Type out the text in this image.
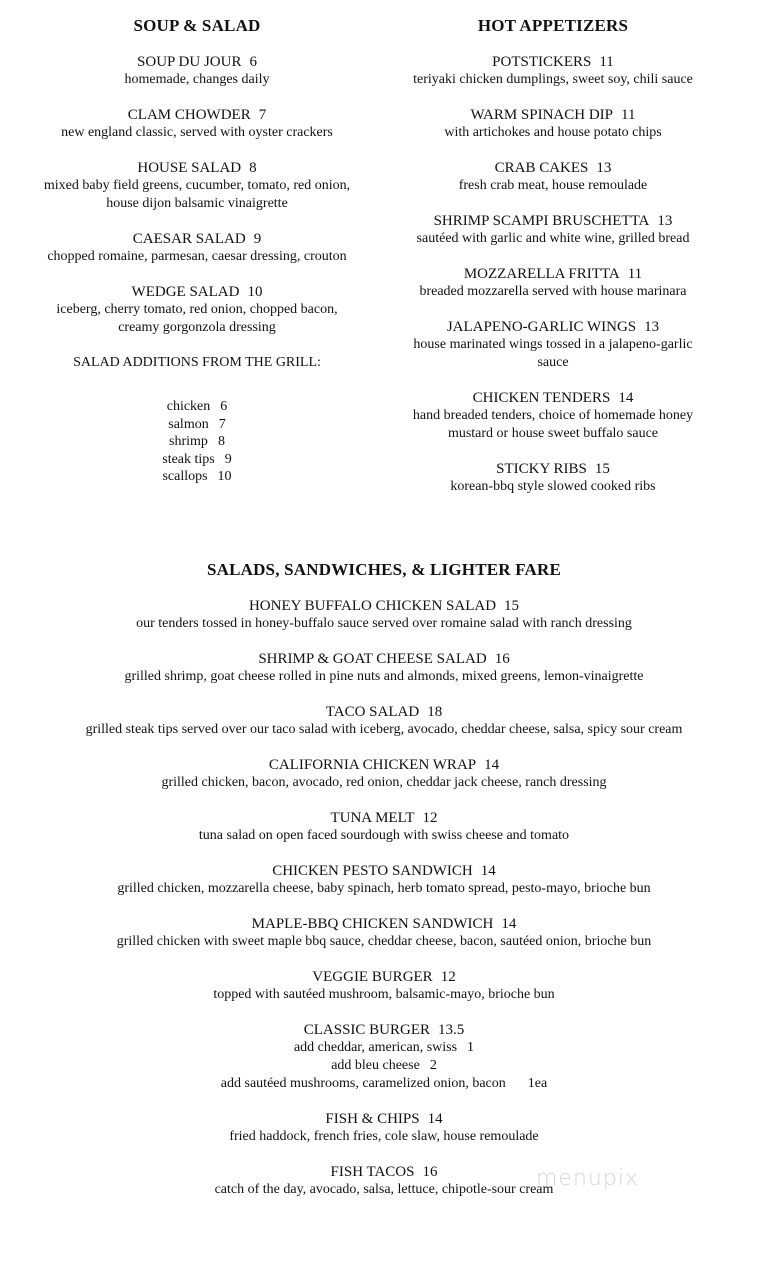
SOUP & SALAD
SOUP DU JOUR 6
homemade, changes daily
CLAM CHOWDER 7
new england classic, served with oyster crackers
HOUSE SALAD 8
mixed baby field greens, cucumber, tomato, red onion, house dijon balsamic vinaigrette
CAESAR SALAD 9
chopped romaine, parmesan, caesar dressing, crouton
WEDGE SALAD 10
iceberg, cherry tomato, red onion, chopped bacon, creamy gorgonzola dressing
SALAD ADDITIONS FROM THE GRILL:
chicken 6
salmon 7
shrimp 8
steak tips 9
scallops 10
HOT APPETIZERS
POTSTICKERS 11
teriyaki chicken dumplings, sweet soy, chili sauce
WARM SPINACH DIP 11
with artichokes and house potato chips
CRAB CAKES 13
fresh crab meat, house remoulade
SHRIMP SCAMPI BRUSCHETTA 13
sautéed with garlic and white wine, grilled bread
MOZZARELLA FRITTA 11
breaded mozzarella served with house marinara
JALAPENO-GARLIC WINGS 13
house marinated wings tossed in a jalapeno-garlic sauce
CHICKEN TENDERS 14
hand breaded tenders, choice of homemade honey mustard or house sweet buffalo sauce
STICKY RIBS 15
korean-bbq style slowed cooked ribs
SALADS, SANDWICHES, & LIGHTER FARE
HONEY BUFFALO CHICKEN SALAD 15
our tenders tossed in honey-buffalo sauce served over romaine salad with ranch dressing
SHRIMP & GOAT CHEESE SALAD 16
grilled shrimp, goat cheese rolled in pine nuts and almonds, mixed greens, lemon-vinaigrette
TACO SALAD 18
grilled steak tips served over our taco salad with iceberg, avocado, cheddar cheese, salsa, spicy sour cream
CALIFORNIA CHICKEN WRAP 14
grilled chicken, bacon, avocado, red onion, cheddar jack cheese, ranch dressing
TUNA MELT 12
tuna salad on open faced sourdough with swiss cheese and tomato
CHICKEN PESTO SANDWICH 14
grilled chicken, mozzarella cheese, baby spinach, herb tomato spread, pesto-mayo, brioche bun
MAPLE-BBQ CHICKEN SANDWICH 14
grilled chicken with sweet maple bbq sauce, cheddar cheese, bacon, sautéed onion, brioche bun
VEGGIE BURGER 12
topped with sautéed mushroom, balsamic-mayo, brioche bun
CLASSIC BURGER 13.5
add cheddar, american, swiss 1
add bleu cheese 2
add sautéed mushrooms, caramelized onion, bacon 1ea
FISH & CHIPS 14
fried haddock, french fries, cole slaw, house remoulade
FISH TACOS 16
catch of the day, avocado, salsa, lettuce, chipotle-sour cream
menupix
